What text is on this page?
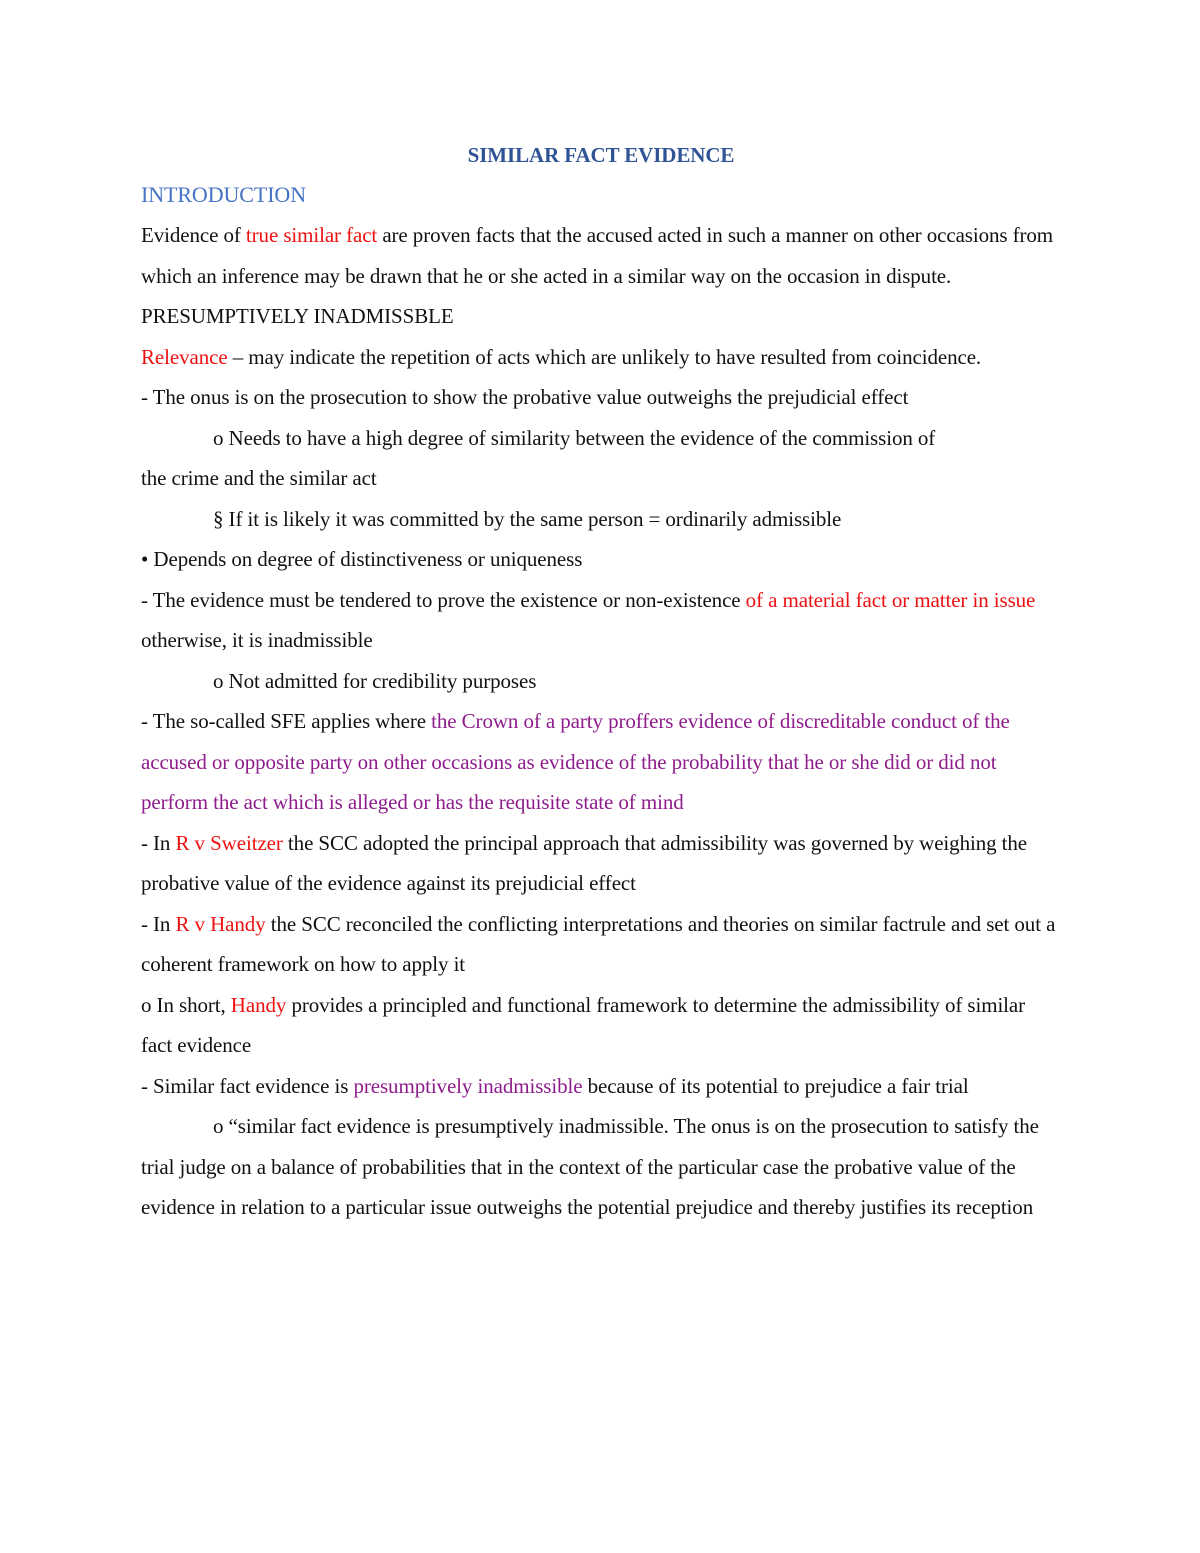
SIMILAR FACT EVIDENCE

INTRODUCTION

Evidence of true similar fact are proven facts that the accused acted in such a manner on other occasions from which an inference may be drawn that he or she acted in a similar way on the occasion in dispute. PRESUMPTIVELY INADMISSBLE

Relevance – may indicate the repetition of acts which are unlikely to have resulted from coincidence.

- The onus is on the prosecution to show the probative value outweighs the prejudicial effect

o Needs to have a high degree of similarity between the evidence of the commission of
the crime and the similar act

§ If it is likely it was committed by the same person = ordinarily admissible

• Depends on degree of distinctiveness or uniqueness

- The evidence must be tendered to prove the existence or non-existence of a material fact or matter in issue otherwise, it is inadmissible

o Not admitted for credibility purposes

- The so-called SFE applies where the Crown of a party proffers evidence of discreditable conduct of the accused or opposite party on other occasions as evidence of the probability that he or she did or did not perform the act which is alleged or has the requisite state of mind

- In R v Sweitzer the SCC adopted the principal approach that admissibility was governed by weighing the probative value of the evidence against its prejudicial effect

- In R v Handy the SCC reconciled the conflicting interpretations and theories on similar factrule and set out a coherent framework on how to apply it

o In short, Handy provides a principled and functional framework to determine the admissibility of similar fact evidence

- Similar fact evidence is presumptively inadmissible because of its potential to prejudice a fair trial

o “similar fact evidence is presumptively inadmissible. The onus is on the prosecution to satisfy the trial judge on a balance of probabilities that in the context of the particular case the probative value of the evidence in relation to a particular issue outweighs the potential prejudice and thereby justifies its reception
